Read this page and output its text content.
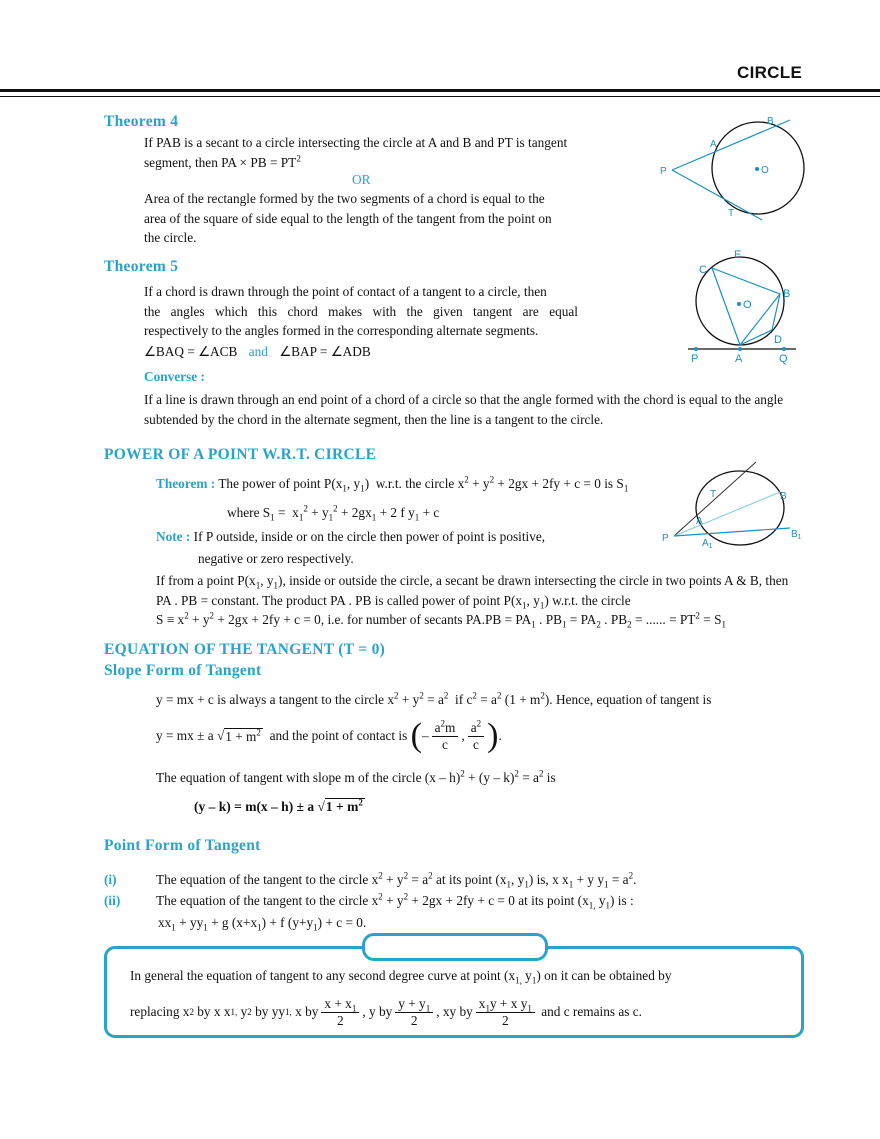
CIRCLE
Theorem 4
If PAB is a secant to a circle intersecting the circle at A and B and PT is tangent
segment, then PA × PB = $PT^2$
OR
Area of the rectangle formed by the two segments of a chord is equal to the
area of the square of side equal to the length of the tangent from the point on
the circle.
B
A
P	O
T
Theorem 5
If a chord is drawn through the point of contact of a tangent to a circle, then
the angles which this chord makes with the given tangent are equal
respectively to the angles formed in the corresponding alternate segments.
∠BAQ = ∠ACB and ∠BAP = ∠ADB
Converse :
If a line is drawn through an end point of a chord of a circle so that the angle formed with the chord is equal to the angle
subtended by the chord in the alternate segment, then the line is a tangent to the circle.
E
C
B
O
D
P	A	Q
POWER OF A POINT W.R.T. CIRCLE
Theorem : The power of point $P(x_1$, $y_1$)  w.r.t. the circle $x^2 + y^2 + 2gx + 2fy + c = 0$ is $S_1$
where $S_1 = x_1^2 + y_1^2 + 2gx_1 + 2$ f $y_1 + c$
Note : If P outside, inside or on the circle then power of point is positive,
negative or zero respectively.
If from a point $P(x_1$, $y_1$), inside or outside the circle, a secant be drawn intersecting the circle in two points A & B, then
PA . PB = constant. The product PA . PB is called power of point $P(x_1$, $y_1$) w.r.t. the circle
$S \equiv x^2 + y^2 + 2gx + 2fy + c = 0$, i.e. for number of secants $PA.PB = PA_1$ . $PB_1 = PA_2$ . $PB_2$ = ...... = $PT^2 = S_1$
T	B
A
P	$A_1$
$B_1$
EQUATION OF THE TANGENT (T = 0)
Slope Form of Tangent
y = mx + c is always a tangent to the circle $x^2 + y^2 = a^2$ if $c^2 = a^2$ $(1 + m^2)$. Hence, equation of tangent is
y = mx ± a √ $1 + m^2$
and the point of contact is
( – $\frac{a^2m}{c}$ , $\frac{a^2}{c}$ ) .
The equation of tangent with slope m of the circle $(x - h)^2 + (y - k)^2 = a^2$ is
(y – k) = m(x – h) ± a $√1 + m^2$
Point Form of Tangent
(i)	The equation of the tangent to the circle $x^2 + y^2 = a^2$ at its point ($x_1$, $y_1$) is, x $x_1 + y$ $y_1 = a^2$.
(ii)	The equation of the tangent to the circle $x^2 + y^2 + 2gx + 2fy + c = 0$ at its point ($x_{1,}$ $y_1$) is :
$xx_1 + yy_1 + g$ $(x+x_1) + f$ $(y+y_1) + c = 0$.
In general the equation of tangent to any second degree curve at point ($x_{1,}$ $y_1$) on it can be obtained by
replacing x 2
by x x 1,
y 2
by yy 1,
x by $\frac{x + x_1}{2}$ , y by $\frac{y + y_1}{2}$ , xy by $\frac{x_1y + x y_1}{2}$
and c remains as c.
